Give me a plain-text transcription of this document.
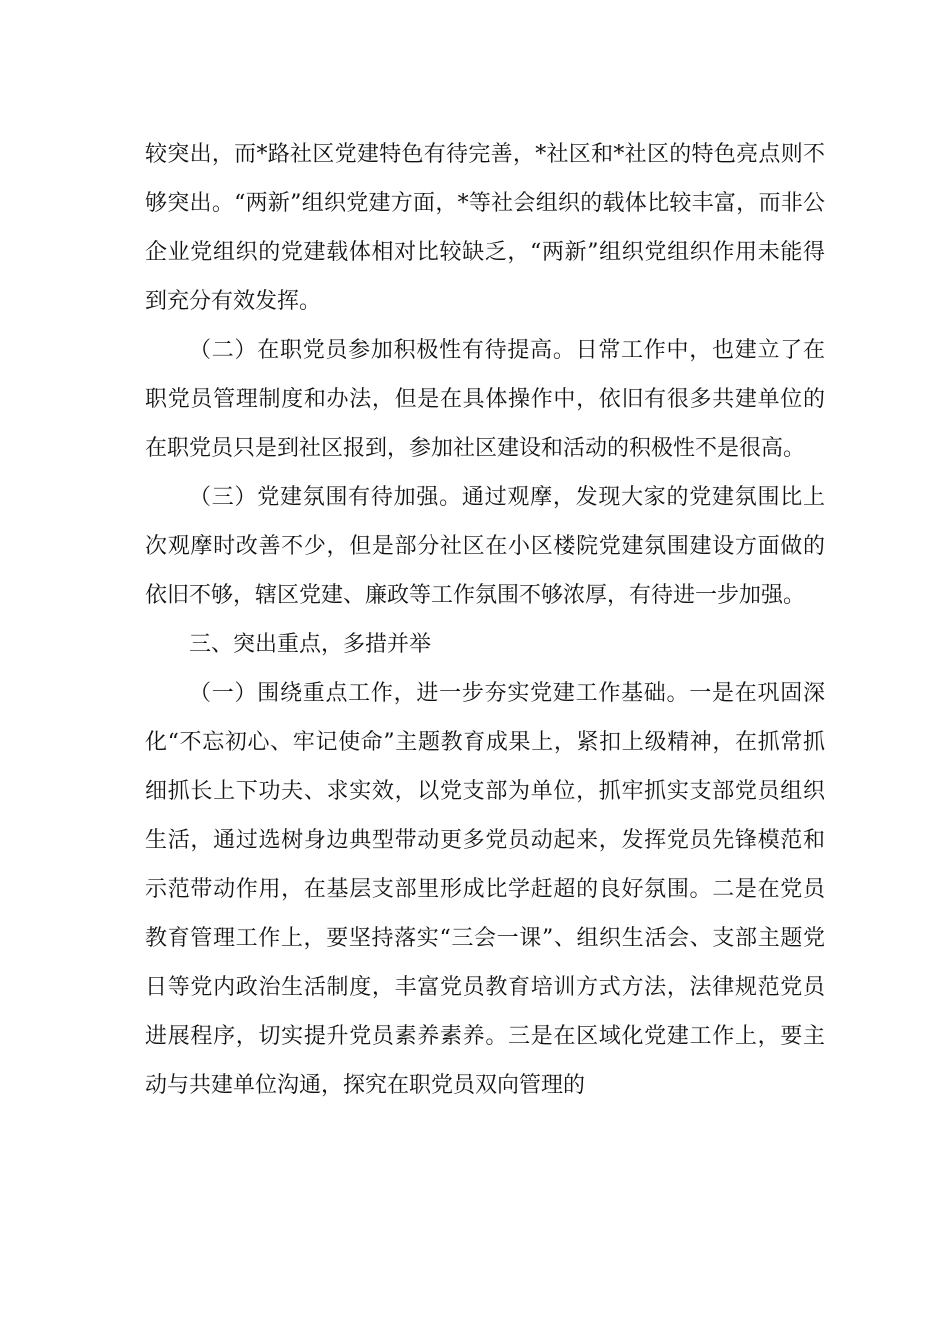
较突出，而*路社区党建特色有待完善，*社区和*社区的特色亮点则不够突出。“两新”组织党建方面，*等社会组织的载体比较丰富，而非公企业党组织的党建载体相对比较缺乏，“两新”组织党组织作用未能得到充分有效发挥。

（二）在职党员参加积极性有待提高。日常工作中，也建立了在职党员管理制度和办法，但是在具体操作中，依旧有很多共建单位的在职党员只是到社区报到，参加社区建设和活动的积极性不是很高。

（三）党建氛围有待加强。通过观摩，发现大家的党建氛围比上次观摩时改善不少，但是部分社区在小区楼院党建氛围建设方面做的依旧不够，辖区党建、廉政等工作氛围不够浓厚，有待进一步加强。

三、突出重点，多措并举

（一）围绕重点工作，进一步夯实党建工作基础。一是在巩固深化“不忘初心、牢记使命”主题教育成果上，紧扣上级精神，在抓常抓细抓长上下功夫、求实效，以党支部为单位，抓牢抓实支部党员组织生活，通过选树身边典型带动更多党员动起来，发挥党员先锋模范和示范带动作用，在基层支部里形成比学赶超的良好氛围。二是在党员教育管理工作上，要坚持落实“三会一课”、组织生活会、支部主题党日等党内政治生活制度，丰富党员教育培训方式方法，法律规范党员进展程序，切实提升党员素养素养。三是在区域化党建工作上，要主动与共建单位沟通，探究在职党员双向管理的
